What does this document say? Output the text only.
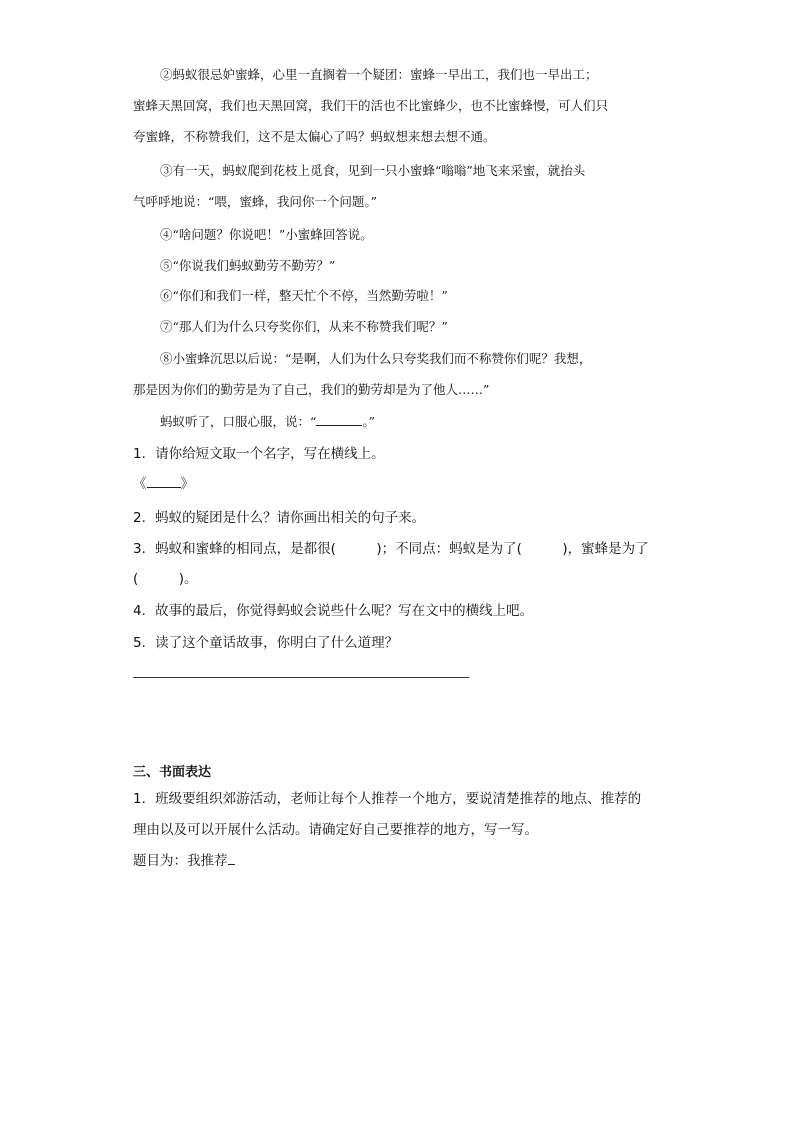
②蚂蚁很忌妒蜜蜂，心里一直搁着一个疑团：蜜蜂一早出工，我们也一早出工；
蜜蜂天黑回窝，我们也天黑回窝，我们干的活也不比蜜蜂少，也不比蜜蜂慢，可人们只
夸蜜蜂，不称赞我们，这不是太偏心了吗？蚂蚁想来想去想不通。
③有一天，蚂蚁爬到花枝上觅食，见到一只小蜜蜂“嗡嗡”地飞来采蜜，就抬头
气呼呼地说：“喂，蜜蜂，我问你一个问题。”
④“啥问题？你说吧！”小蜜蜂回答说。
⑤“你说我们蚂蚁勤劳不勤劳？”
⑥“你们和我们一样，整天忙个不停，当然勤劳啦！”
⑦“那人们为什么只夸奖你们，从来不称赞我们呢？”
⑧小蜜蜂沉思以后说：“是啊，人们为什么只夸奖我们而不称赞你们呢？我想，
那是因为你们的勤劳是为了自己，我们的勤劳却是为了他人……”
蚂蚁听了，口服心服，说：“	。”
1．请你给短文取一个名字，写在横线上。
《	》
2．蚂蚁的疑团是什么？请你画出相关的句子来。
3．蚂蚁和蜜蜂的相同点，是都很(　　　)；不同点：蚂蚁是为了(　　　)，蜜蜂是为了
(　　　)。
4．故事的最后，你觉得蚂蚁会说些什么呢？写在文中的横线上吧。
5．读了这个童话故事，你明白了什么道理？
三、书面表达
1．班级要组织郊游活动，老师让每个人推荐一个地方，要说清楚推荐的地点、推荐的
理由以及可以开展什么活动。请确定好自己要推荐的地方，写一写。
题目为：我推荐
